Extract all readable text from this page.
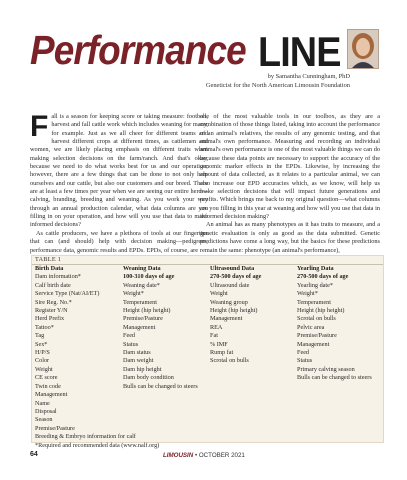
Performance LINE
by Samantha Cunningham, PhD
Geneticist for the North American Limousin Foundation

Fall is a season for keeping score or taking measure: football, harvest and fall cattle work which includes weaning for many, for example. Just as we all cheer for different teams and harvest different crops at different times, as cattlemen and women, we are likely placing emphasis on different traits when making selection decisions on the farm/ranch. And that's okay, because we need to do what works best for us and our operation; however, there are a few things that can be done to not only help ourselves and our cattle, but also our customers and our breed. There are at least a few times per year when we are seeing our entire herd—calving, branding, breeding and weaning. As you work your way through an annual production calendar, what data columns are you filling in on your operation, and how will you use that data to make informed decisions?

As cattle producers, we have a plethora of tools at our fingertips that can (and should) help with decision making—pedigrees, performance data, genomic results and EPDs. EPDs, of course, are

one of the most valuable tools in our toolbox, as they are a combination of those things listed, taking into account the performance of an animal's relatives, the results of any genomic testing, and that animal's own performance. Measuring and recording an individual animal's own performance is one of the most valuable things we can do because these data points are necessary to support the accuracy of the genomic marker effects in the EPDs. Likewise, by increasing the amount of data collected, as it relates to a particular animal, we can also increase our EPD accuracies which, as we know, will help us make selection decisions that will impact future generations and profits. Which brings me back to my original question—what columns are you filling in this year at weaning and how will you use that data in informed decision making?

An animal has as many phenotypes as it has traits to measure, and a genetic evaluation is only as good as the data submitted. Genetic predictions have come a long way, but the basics for these predictions remain the same: phenotype (an animal's performance),

TABLE 1
Birth Data
Dam information*
Calf birth date
Service Type (Nat/AI/ET)
Sire Reg. No.*
Register Y/N
Herd Prefix
Tattoo*
Tag
Sex*
H/P/S
Color
Weight
CE score
Twin code
Management
Name
Disposal
Season
Premise/Pasture
Breeding & Embryo information for calf
*Required and recommended data (www.nalf.org)
Weaning Data
100-310 days of age
Weaning date*
Weight*
Temperament
Height (hip height)
Premise/Pasture
Management
Feed
Status
Dam status
Dam weight
Dam hip height
Dam body condition
Bulls can be changed to steers
Ultrasound Data
270-500 days of age
Ultrasound date
Weight
Weaning group
Height (hip height)
Management
REA
Fat
% IMF
Rump fat
Scrotal on bulls
Yearling Data
270-500 days of age
Yearling date*
Weight*
Temperament
Height (hip height)
Scrotal on bulls
Pelvic area
Premise/Pasture
Management
Feed
Status
Primary calving season
Bulls can be changed to steers
64	LIMOUSIN • OCTOBER 2021
